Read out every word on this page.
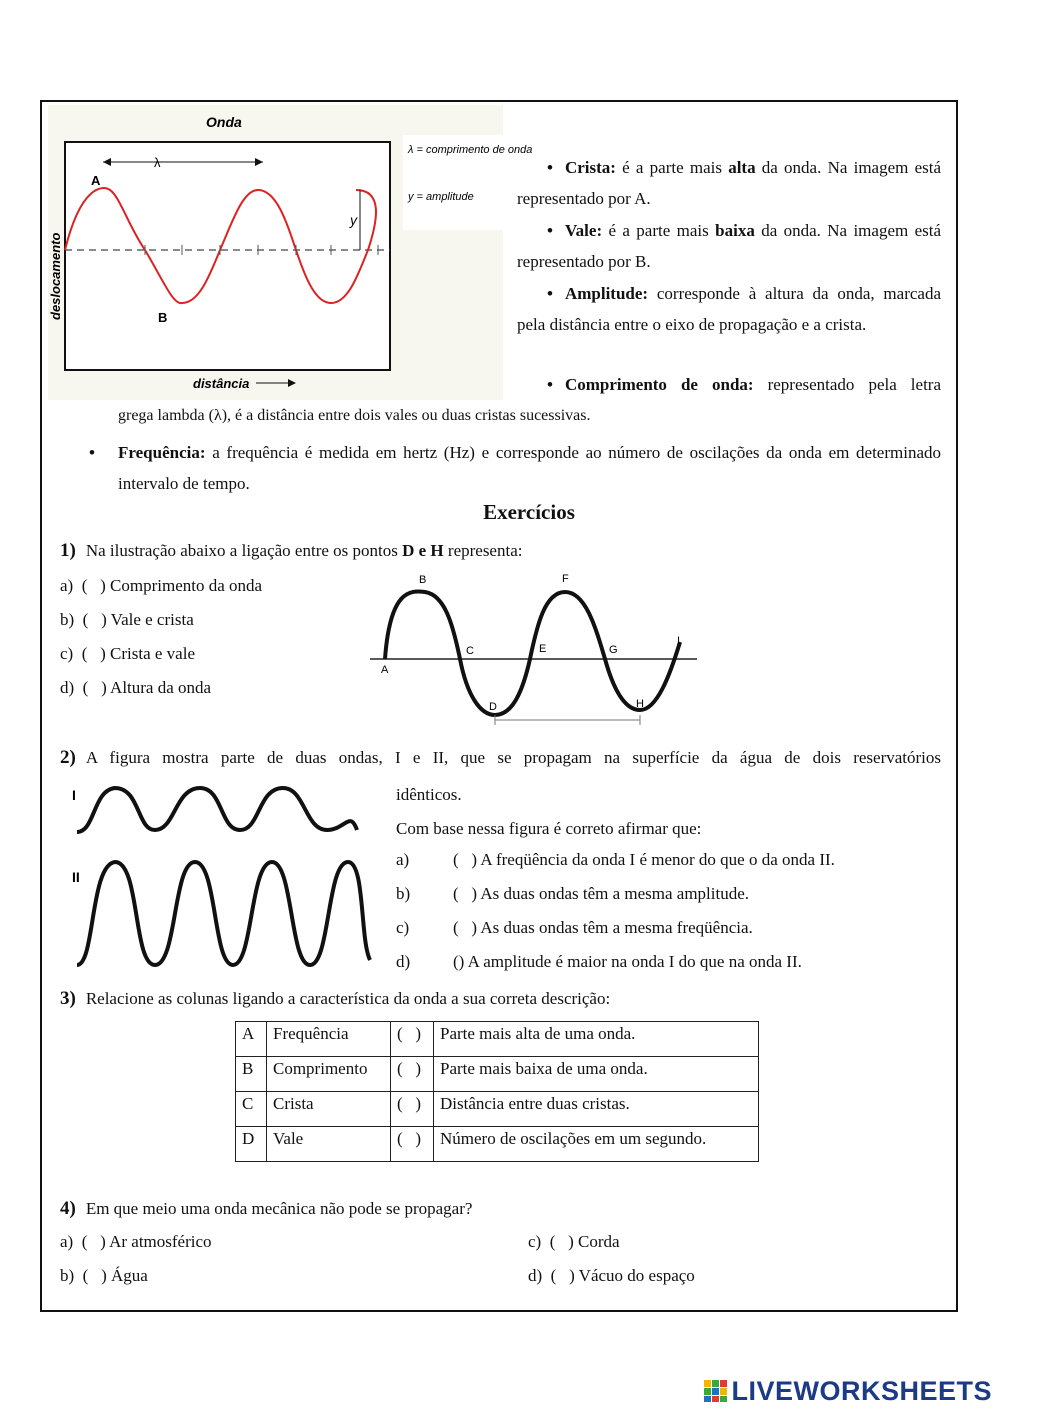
Onda
A
B
λ
y
deslocamento
distância
λ = comprimento de onda
y = amplitude
• Crista: é a parte mais alta da onda. Na imagem está representado por A.
• Vale: é a parte mais baixa da onda. Na imagem está representado por B.
• Amplitude: corresponde à altura da onda, marcada pela distância entre o eixo de propagação e a crista.
• Comprimento de onda: representado pela letra
grega lambda (λ), é a distância entre dois vales ou duas cristas sucessivas.
• Frequência: a frequência é medida em hertz (Hz) e corresponde ao número de oscilações da onda em determinado intervalo de tempo.
Exercícios
1) Na ilustração abaixo a ligação entre os pontos D e H representa:
a)  (   ) Comprimento da onda
b)  (   ) Vale e crista
c)  (   ) Crista e vale
d)  (   ) Altura da onda
A
B
C
D
E
F
G
H
I
2) A figura mostra parte de duas ondas, I e II, que se propagam na superfície da água de dois reservatórios
idênticos.
Com base nessa figura é correto afirmar que:
I
II
a)	(   ) A freqüência da onda I é menor do que o da onda II.
b)	(   ) As duas ondas têm a mesma amplitude.
c)	(   ) As duas ondas têm a mesma freqüência.
d)	() A amplitude é maior na onda I do que na onda II.
3) Relacione as colunas ligando a característica da onda a sua correta descrição:
A	Frequência	(   )	Parte mais alta de uma onda.
B	Comprimento	(   )	Parte mais baixa de uma onda.
C	Crista	(   )	Distância entre duas cristas.
D	Vale	(   )	Número de oscilações em um segundo.
4) Em que meio uma onda mecânica não pode se propagar?
a)  (   ) Ar atmosférico
b)  (   ) Água
c)  (   ) Corda
d)  (   ) Vácuo do espaço
LIVEWORKSHEETS
